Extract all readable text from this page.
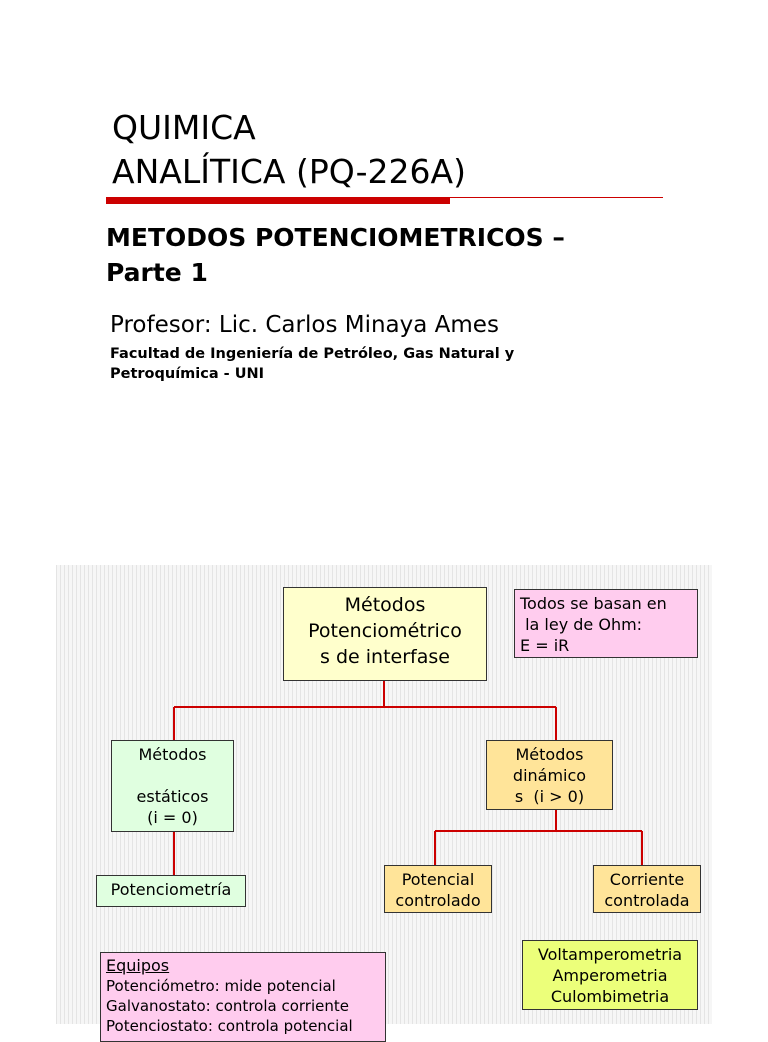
QUIMICA
ANALÍTICA (PQ-226A)
METODOS POTENCIOMETRICOS –
Parte 1
Profesor: Lic. Carlos Minaya Ames
Facultad de Ingeniería de Petróleo, Gas Natural y
Petroquímica - UNI
Métodos
Potenciométrico
s de interfase
Todos se basan en
la ley de Ohm:
E = iR
Métodos

estáticos
(i = 0)
Métodos
dinámico
s  (i > 0)
Potenciometría
Potencial
controlado
Corriente
controlada
Equipos
Potenciómetro: mide potencial
Galvanostato: controla corriente
Potenciostato: controla potencial
Voltamperometria
Amperometria
Culombimetria
